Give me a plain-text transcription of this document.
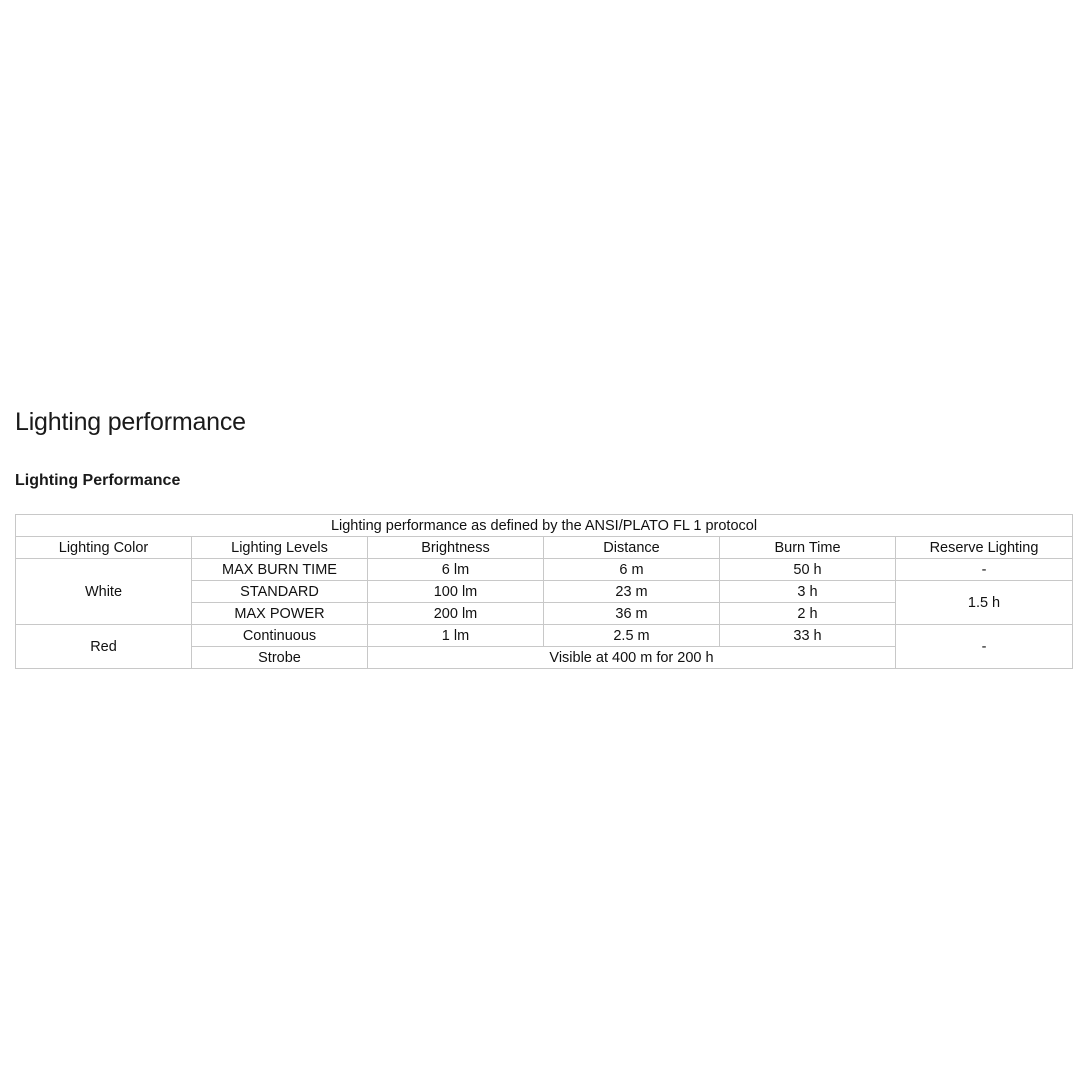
Lighting performance
Lighting Performance
Lighting performance as defined by the ANSI/PLATO FL 1 protocol					
Lighting Color	Lighting Levels	Brightness	Distance	Burn Time	Reserve Lighting
White	MAX BURN TIME	6 lm	6 m	50 h	-
	STANDARD	100 lm	23 m	3 h	1.5 h
	MAX POWER	200 lm	36 m	2 h	
Red	Continuous	1 lm	2.5 m	33 h	-
	Strobe	Visible at 400 m for 200 h			
